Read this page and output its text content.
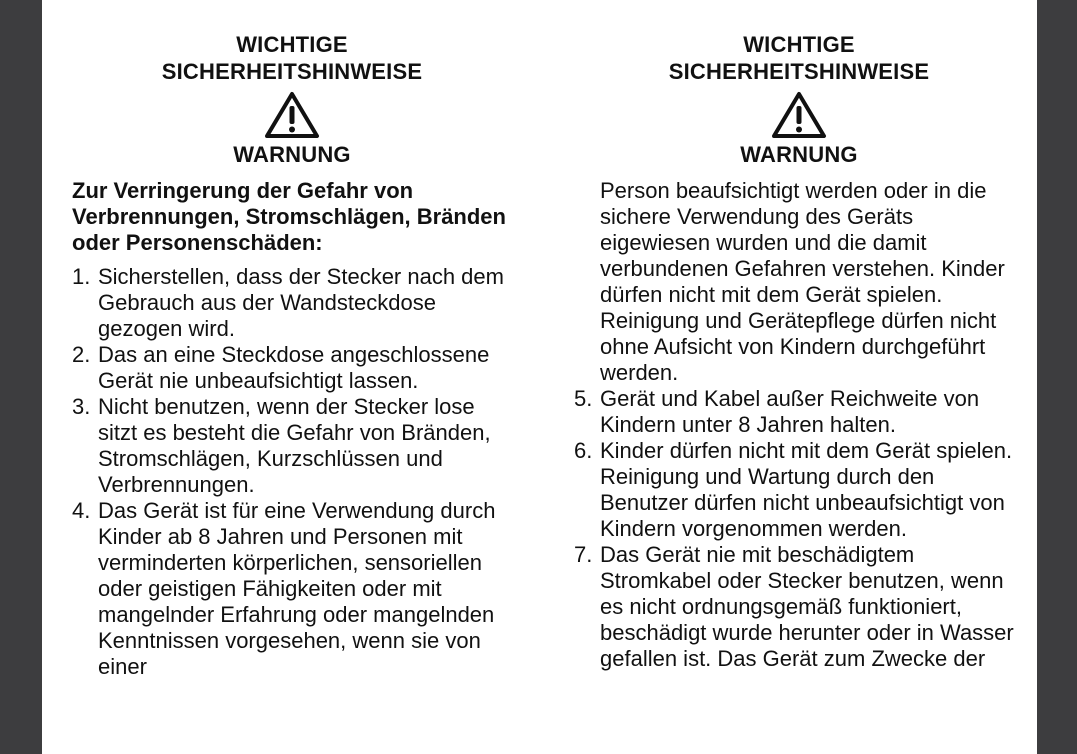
WICHTIGE
SICHERHEITSHINWEISE
WARNUNG
Zur Verringerung der Gefahr von Verbrennungen, Stromschlägen, Bränden oder Personenschäden:
1. Sicherstellen, dass der Stecker nach dem Gebrauch aus der Wandsteckdose gezogen wird.
2. Das an eine Steckdose angeschlossene Gerät nie unbeaufsichtigt lassen.
3. Nicht benutzen, wenn der Stecker lose sitzt es besteht die Gefahr von Bränden, Stromschlägen, Kurzschlüssen und Verbrennungen.
4. Das Gerät ist für eine Verwendung durch Kinder ab 8 Jahren und Personen mit verminderten körperlichen, sensoriellen oder geistigen Fähigkeiten oder mit mangelnder Erfahrung oder mangelnden Kenntnissen vorgesehen, wenn sie von einer
WICHTIGE
SICHERHEITSHINWEISE
WARNUNG
Person beaufsichtigt werden oder in die sichere Verwendung des Geräts eigewiesen wurden und die damit verbundenen Gefahren verstehen. Kinder dürfen nicht mit dem Gerät spielen. Reinigung und Gerätepflege dürfen nicht ohne Aufsicht von Kindern durchgeführt werden.
5. Gerät und Kabel außer Reichweite von Kindern unter 8 Jahren halten.
6. Kinder dürfen nicht mit dem Gerät spielen. Reinigung und Wartung durch den Benutzer dürfen nicht unbeaufsichtigt von Kindern vorgenommen werden.
7. Das Gerät nie mit beschädigtem Stromkabel oder Stecker benutzen, wenn es nicht ordnungsgemäß funktioniert, beschädigt wurde herunter oder in Wasser gefallen ist. Das Gerät zum Zwecke der
